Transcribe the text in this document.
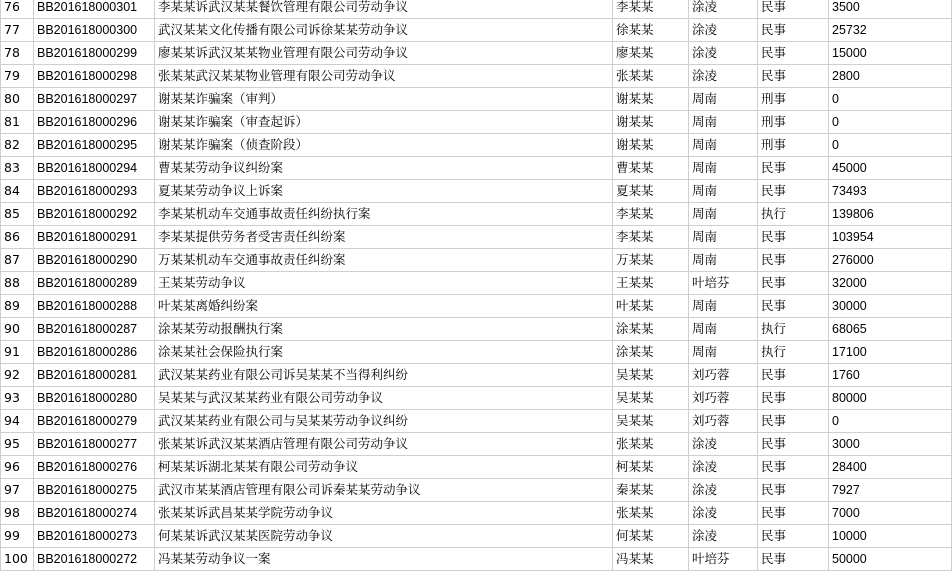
76	BB201618000301	李某某诉武汉某某餐饮管理有限公司劳动争议	李某某	涂凌	民事	3500
77	BB201618000300	武汉某某文化传播有限公司诉徐某某劳动争议	徐某某	涂凌	民事	25732
78	BB201618000299	廖某某诉武汉某某物业管理有限公司劳动争议	廖某某	涂凌	民事	15000
79	BB201618000298	张某某武汉某某物业管理有限公司劳动争议	张某某	涂凌	民事	2800
80	BB201618000297	谢某某诈骗案（审判）	谢某某	周南	刑事	0
81	BB201618000296	谢某某诈骗案（审查起诉）	谢某某	周南	刑事	0
82	BB201618000295	谢某某诈骗案（侦查阶段）	谢某某	周南	刑事	0
83	BB201618000294	曹某某劳动争议纠纷案	曹某某	周南	民事	45000
84	BB201618000293	夏某某劳动争议上诉案	夏某某	周南	民事	73493
85	BB201618000292	李某某机动车交通事故责任纠纷执行案	李某某	周南	执行	139806
86	BB201618000291	李某某提供劳务者受害责任纠纷案	李某某	周南	民事	103954
87	BB201618000290	万某某机动车交通事故责任纠纷案	万某某	周南	民事	276000
88	BB201618000289	王某某劳动争议	王某某	叶培芬	民事	32000
89	BB201618000288	叶某某离婚纠纷案	叶某某	周南	民事	30000
90	BB201618000287	涂某某劳动报酬执行案	涂某某	周南	执行	68065
91	BB201618000286	涂某某社会保险执行案	涂某某	周南	执行	17100
92	BB201618000281	武汉某某药业有限公司诉吴某某不当得利纠纷	吴某某	刘巧蓉	民事	1760
93	BB201618000280	吴某某与武汉某某药业有限公司劳动争议	吴某某	刘巧蓉	民事	80000
94	BB201618000279	武汉某某药业有限公司与吴某某劳动争议纠纷	吴某某	刘巧蓉	民事	0
95	BB201618000277	张某某诉武汉某某酒店管理有限公司劳动争议	张某某	涂凌	民事	3000
96	BB201618000276	柯某某诉湖北某某有限公司劳动争议	柯某某	涂凌	民事	28400
97	BB201618000275	武汉市某某酒店管理有限公司诉秦某某劳动争议	秦某某	涂凌	民事	7927
98	BB201618000274	张某某诉武昌某某学院劳动争议	张某某	涂凌	民事	7000
99	BB201618000273	何某某诉武汉某某医院劳动争议	何某某	涂凌	民事	10000
100	BB201618000272	冯某某劳动争议一案	冯某某	叶培芬	民事	50000
